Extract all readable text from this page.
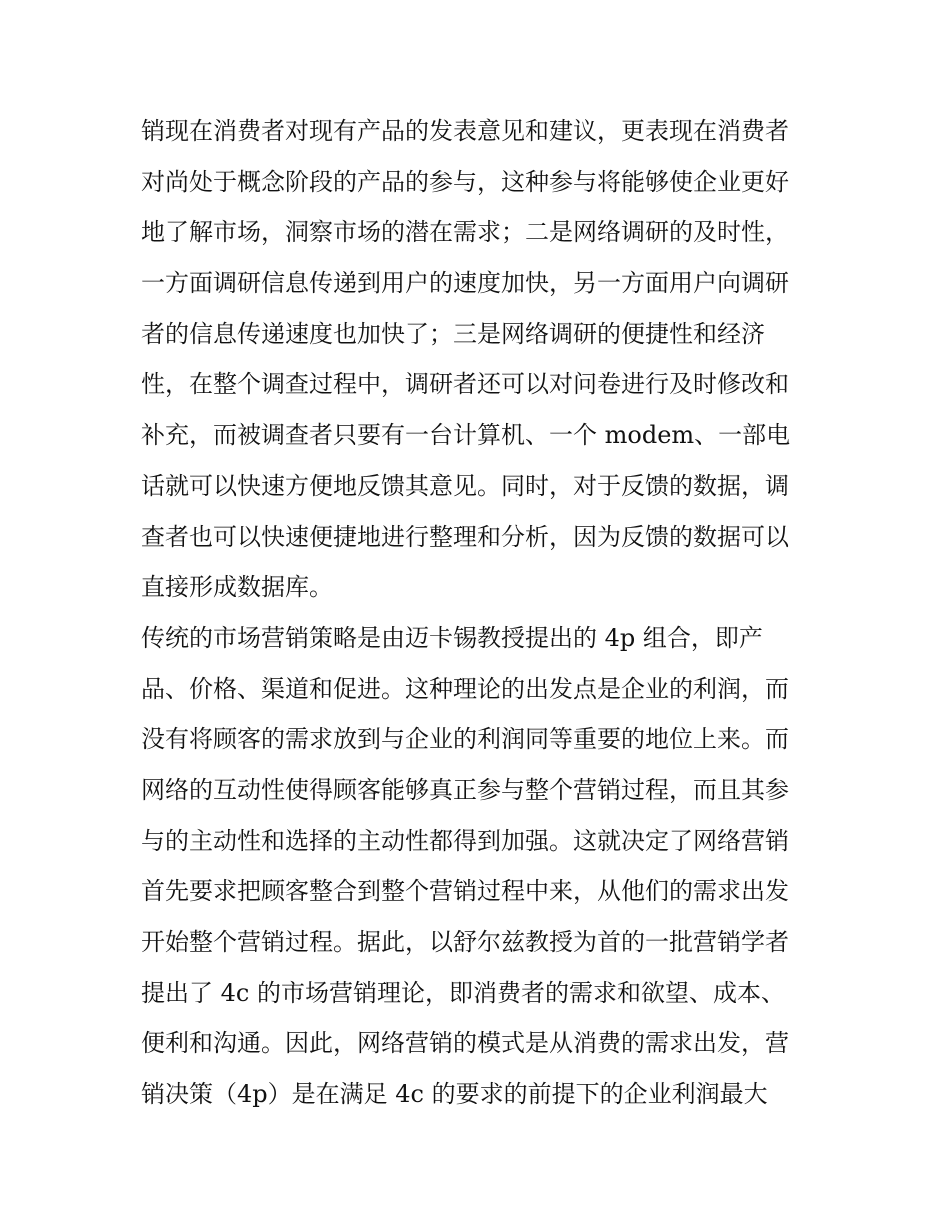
销现在消费者对现有产品的发表意见和建议，更表现在消费者
对尚处于概念阶段的产品的参与，这种参与将能够使企业更好
地了解市场，洞察市场的潜在需求；二是网络调研的及时性，
一方面调研信息传递到用户的速度加快，另一方面用户向调研
者的信息传递速度也加快了；三是网络调研的便捷性和经济
性，在整个调查过程中，调研者还可以对问卷进行及时修改和
补充，而被调查者只要有一台计算机、一个 modem、一部电
话就可以快速方便地反馈其意见。同时，对于反馈的数据，调
查者也可以快速便捷地进行整理和分析，因为反馈的数据可以
直接形成数据库。
传统的市场营销策略是由迈卡锡教授提出的 4p 组合，即产
品、价格、渠道和促进。这种理论的出发点是企业的利润，而
没有将顾客的需求放到与企业的利润同等重要的地位上来。而
网络的互动性使得顾客能够真正参与整个营销过程，而且其参
与的主动性和选择的主动性都得到加强。这就决定了网络营销
首先要求把顾客整合到整个营销过程中来，从他们的需求出发
开始整个营销过程。据此，以舒尔兹教授为首的一批营销学者
提出了 4c 的市场营销理论，即消费者的需求和欲望、成本、
便利和沟通。因此，网络营销的模式是从消费的需求出发，营
销决策（4p）是在满足 4c 的要求的前提下的企业利润最大
